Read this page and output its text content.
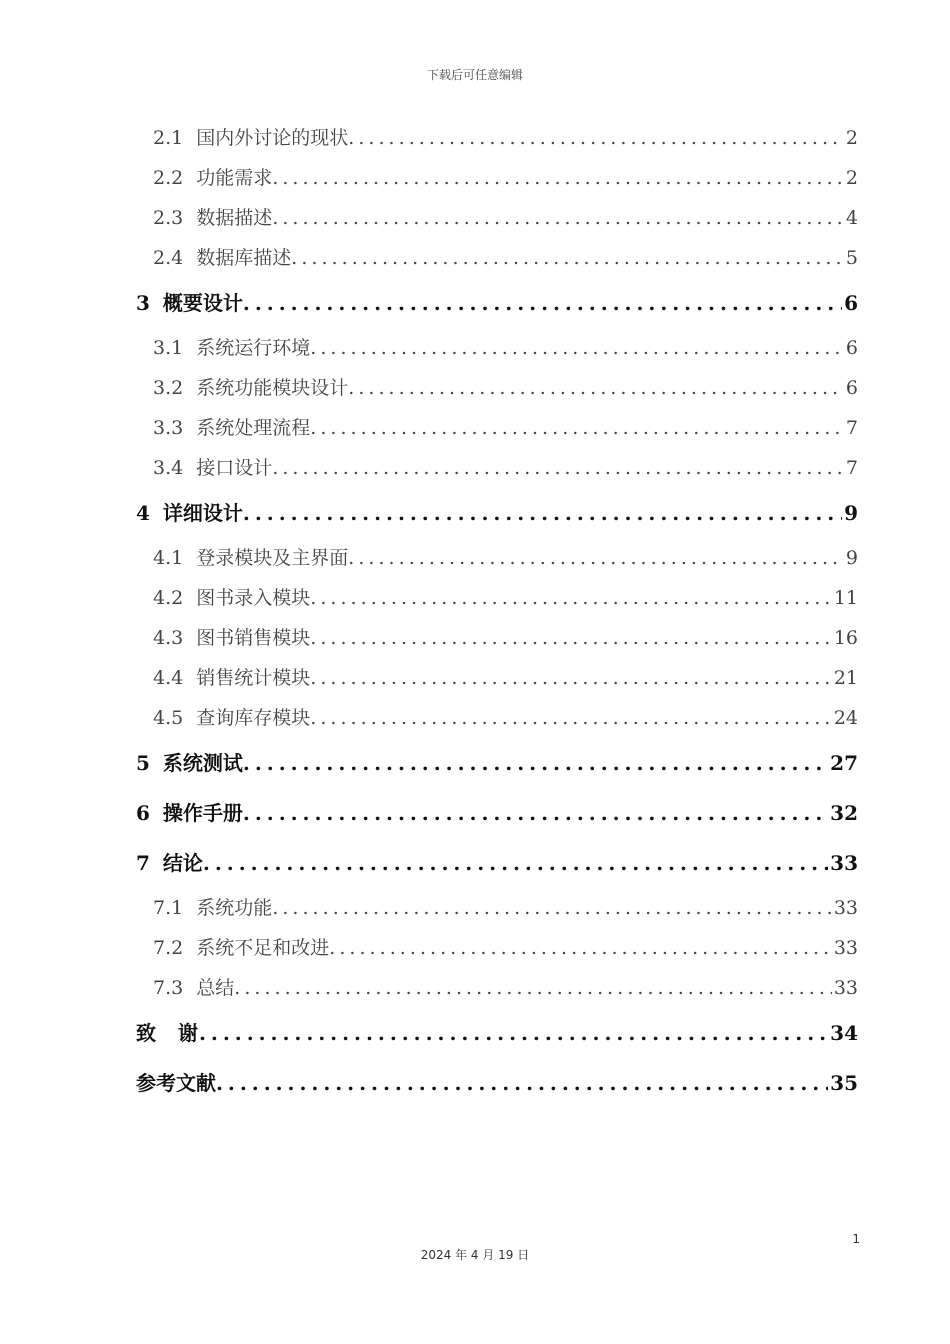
下载后可任意编辑
2.1 国内外讨论的现状 . . .	2
2.2 功能需求 . . .	2
2.3 数据描述 . . .	4
2.4 数据库描述 . . .	5
3 概要设计 . . .	6
3.1 系统运行环境 . . .	6
3.2 系统功能模块设计 . . .	6
3.3 系统处理流程 . . .	7
3.4 接口设计 . . .	7
4 详细设计 . . .	9
4.1 登录模块及主界面 . . .	9
4.2 图书录入模块 . . .	11
4.3 图书销售模块 . . .	16
4.4 销售统计模块 . . .	21
4.5 查询库存模块 . . .	24
5 系统测试 . . .	27
6 操作手册 . . .	32
7 结论 . . .	33
7.1 系统功能 . . .	33
7.2 系统不足和改进 . . .	33
7.3 总结 . . .	33
致　谢 . . .	34
参考文献 . . .	35
1
2024 年 4 月 19 日
